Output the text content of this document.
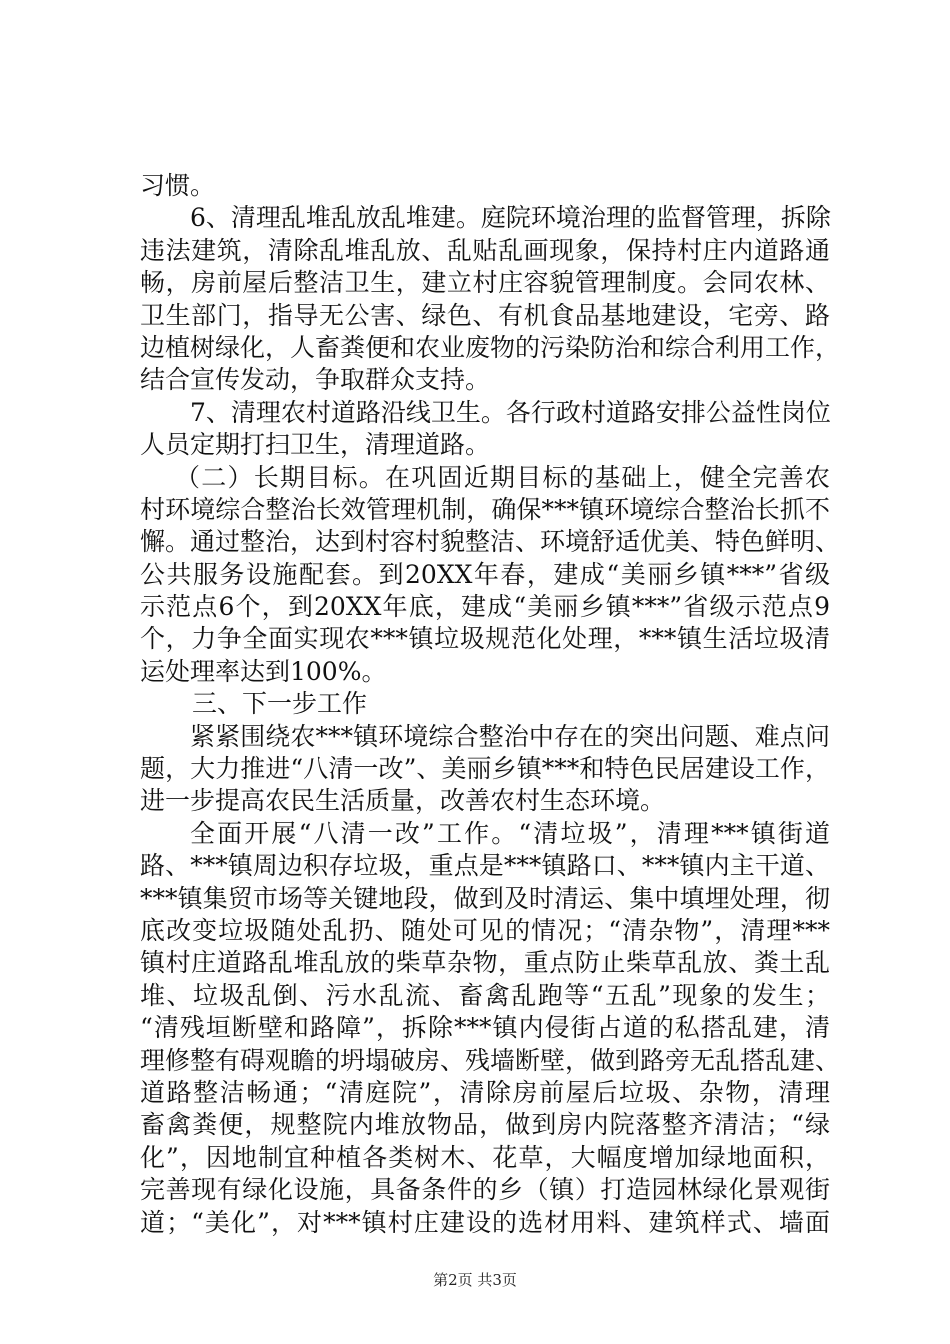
习惯。
6、清理乱堆乱放乱堆建。庭院环境治理的监督管理，拆除
违法建筑，清除乱堆乱放、乱贴乱画现象，保持村庄内道路通
畅，房前屋后整洁卫生，建立村庄容貌管理制度。会同农林、
卫生部门，指导无公害、绿色、有机食品基地建设，宅旁、路
边植树绿化，人畜粪便和农业废物的污染防治和综合利用工作，
结合宣传发动，争取群众支持。
7、清理农村道路沿线卫生。各行政村道路安排公益性岗位
人员定期打扫卫生，清理道路。
（二）长期目标。在巩固近期目标的基础上，健全完善农
村环境综合整治长效管理机制，确保***镇环境综合整治长抓不
懈。通过整治，达到村容村貌整洁、环境舒适优美、特色鲜明、
公共服务设施配套。到20XX年春，建成“美丽乡镇***”省级
示范点6个，到20XX年底，建成“美丽乡镇***”省级示范点9
个，力争全面实现农***镇垃圾规范化处理，***镇生活垃圾清
运处理率达到100%。
三、下一步工作
紧紧围绕农***镇环境综合整治中存在的突出问题、难点问
题，大力推进“八清一改”、美丽乡镇***和特色民居建设工作，
进一步提高农民生活质量，改善农村生态环境。
全面开展“八清一改”工作。“清垃圾”，清理***镇街道
路、***镇周边积存垃圾，重点是***镇路口、***镇内主干道、
***镇集贸市场等关键地段，做到及时清运、集中填埋处理，彻
底改变垃圾随处乱扔、随处可见的情况；“清杂物”，清理***
镇村庄道路乱堆乱放的柴草杂物，重点防止柴草乱放、粪土乱
堆、垃圾乱倒、污水乱流、畜禽乱跑等“五乱”现象的发生；
“清残垣断壁和路障”，拆除***镇内侵街占道的私搭乱建，清
理修整有碍观瞻的坍塌破房、残墙断壁，做到路旁无乱搭乱建、
道路整洁畅通；“清庭院”，清除房前屋后垃圾、杂物，清理
畜禽粪便，规整院内堆放物品，做到房内院落整齐清洁；“绿
化”，因地制宜种植各类树木、花草，大幅度增加绿地面积，
完善现有绿化设施，具备条件的乡（镇）打造园林绿化景观街
道；“美化”，对***镇村庄建设的选材用料、建筑样式、墙面
第2页 共3页
